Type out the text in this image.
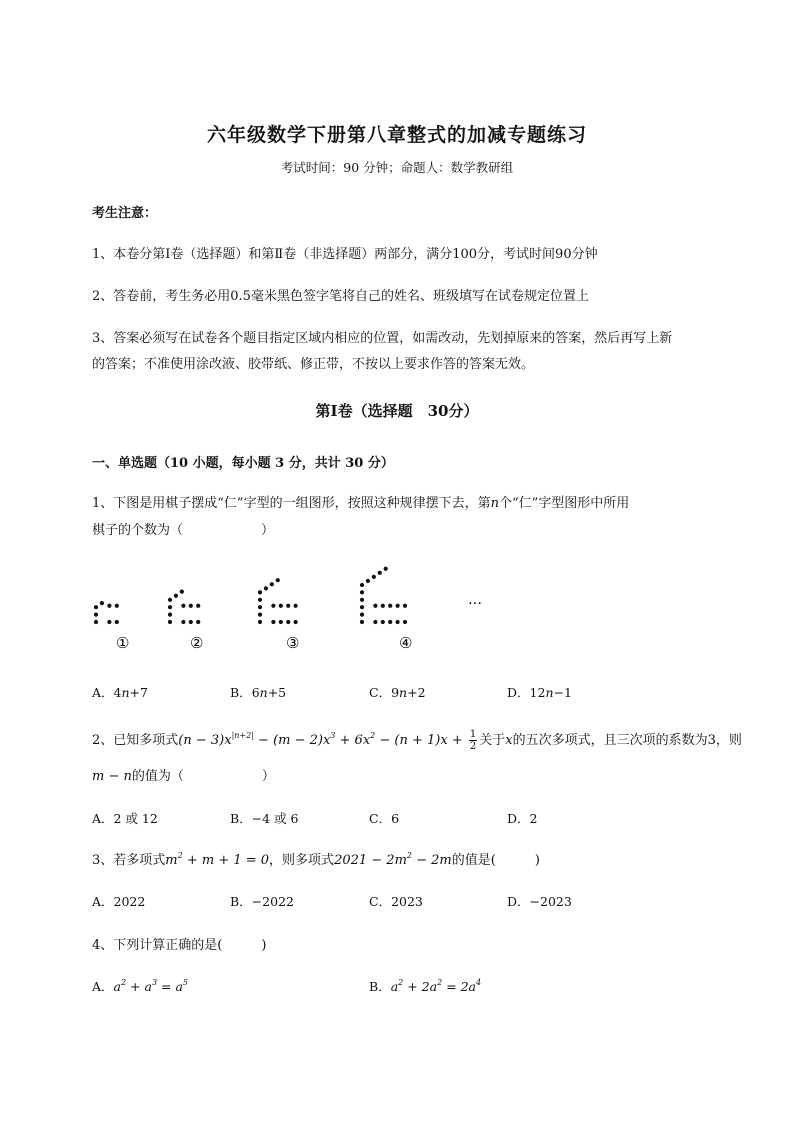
六年级数学下册第八章整式的加减专题练习
考试时间：90 分钟；命题人：数学教研组
考生注意：
1、本卷分第Ⅰ卷（选择题）和第Ⅱ卷（非选择题）两部分，满分100分，考试时间90分钟
2、答卷前，考生务必用0.5毫米黑色签字笔将自己的姓名、班级填写在试卷规定位置上
3、答案必须写在试卷各个题目指定区域内相应的位置，如需改动，先划掉原来的答案，然后再写上新
的答案；不准使用涂改液、胶带纸、修正带，不按以上要求作答的答案无效。
第Ⅰ卷（选择题　30分）
一、单选题（10 小题，每小题 3 分，共计 30 分）
1、下图是用棋子摆成“仁”字型的一组图形，按照这种规律摆下去，第n个“仁”字型图形中所用
棋子的个数为（　　　　　　）
①	②	③	④
…
A．4n+7	B．6n+5	C．9n+2	D．12n−1
2、已知多项式$(n - 3)x^{|n+2|} - (m - 2)x^3 + 6x^2 - (n + 1)x + \frac{1}{2}$ 关于x的五次多项式，且三次项的系数为3，则
m − n的值为（　　　　　　）
A．2 或 12	B．−4 或 6	C．6	D．2
3、若多项式$m^2 + m + 1 = 0$，则多项式$2021 - 2m^2 - 2m$的值是(　　　)
A．2022	B．−2022	C．2023	D．−2023
4、下列计算正确的是(　　　)
A．$a^2 + a^3 = a^5$	B．$a^2 + 2a^2 = 2a^4$
